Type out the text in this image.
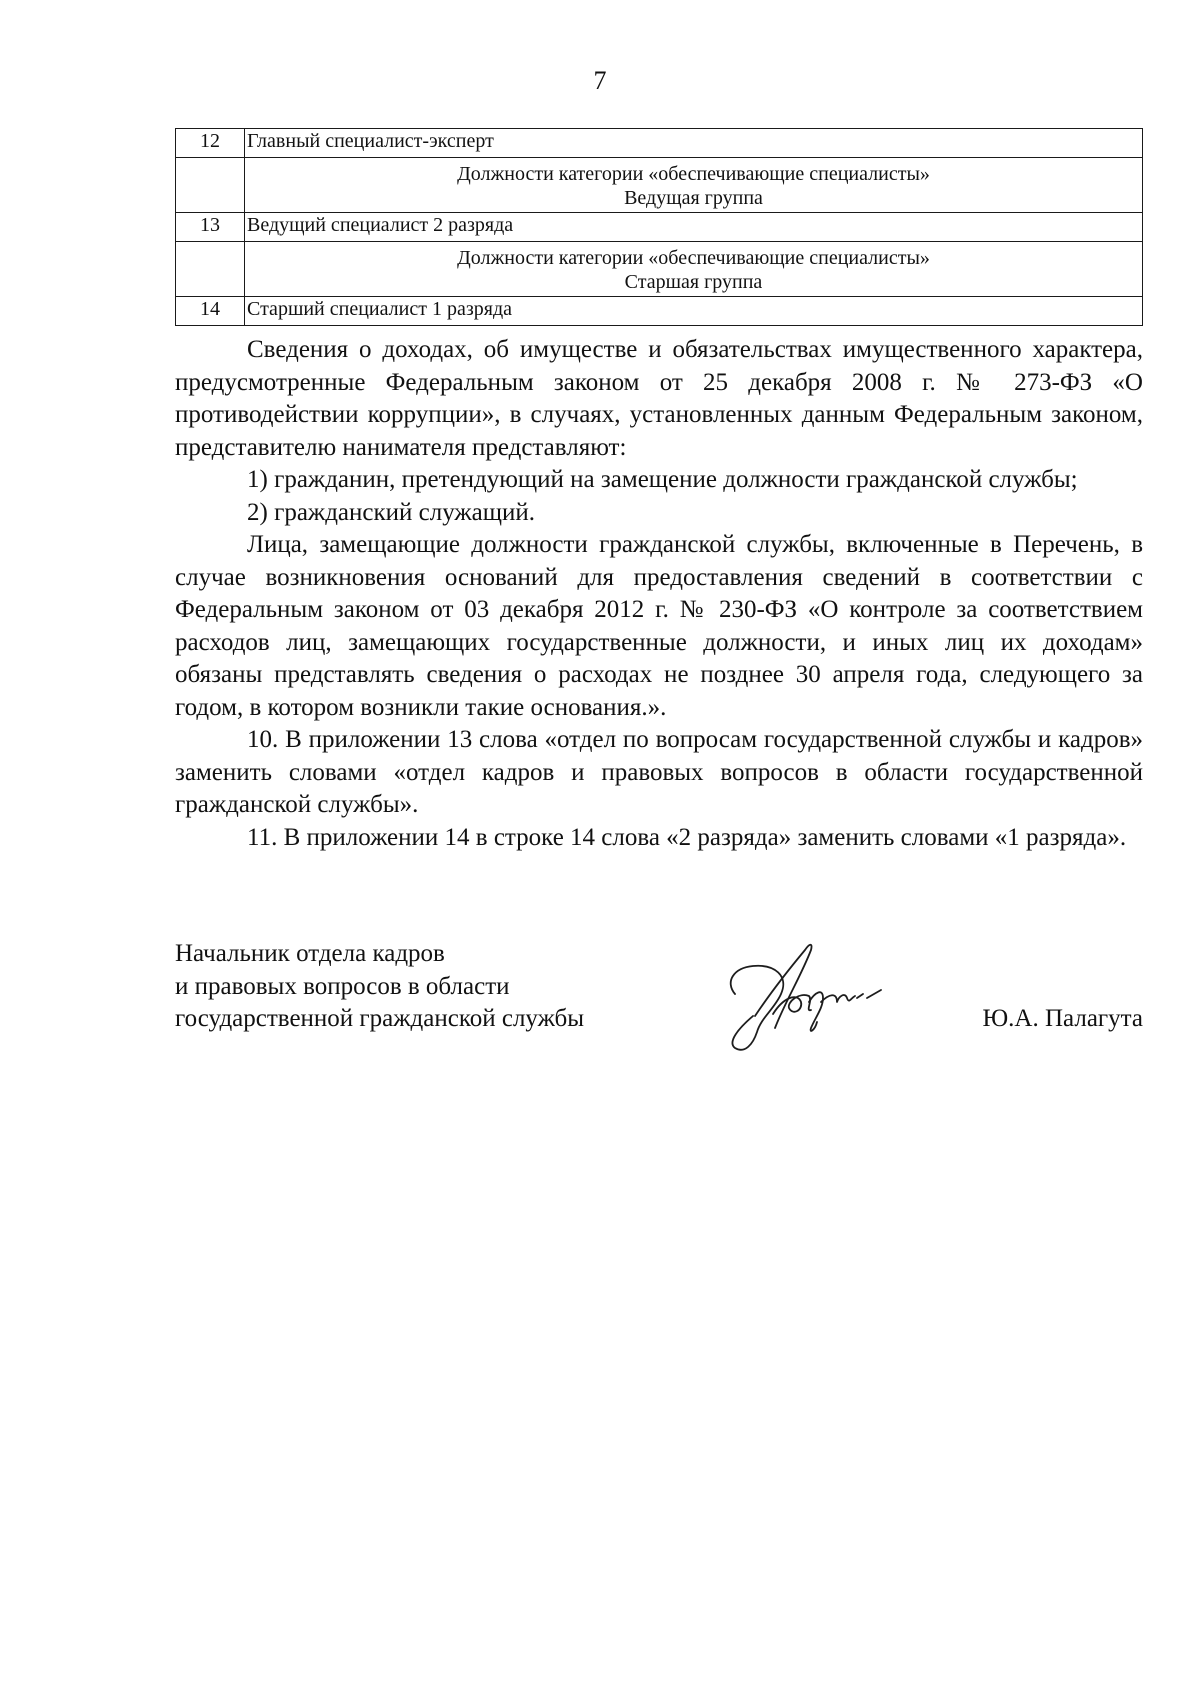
7
12	Главный специалист-эксперт

	Должности категории «обеспечивающие специалисты»
Ведущая группа

13	Ведущий специалист 2 разряда

	Должности категории «обеспечивающие специалисты»
Старшая группа

14	Старший специалист 1 разряда

Сведения о доходах, об имуществе и обязательствах имущественного характера, предусмотренные Федеральным законом от 25 декабря 2008 г. № 273-ФЗ «О противодействии коррупции», в случаях, установленных данным Федеральным законом, представителю нанимателя представляют:

1) гражданин, претендующий на замещение должности гражданской службы;

2) гражданский служащий.

Лица, замещающие должности гражданской службы, включенные в Перечень, в случае возникновения оснований для предоставления сведений в соответствии с Федеральным законом от 03 декабря 2012 г. № 230-ФЗ «О контроле за соответствием расходов лиц, замещающих государственные должности, и иных лиц их доходам» обязаны представлять сведения о расходах не позднее 30 апреля года, следующего за годом, в котором возникли такие основания.».

10. В приложении 13 слова «отдел по вопросам государственной службы и кадров» заменить словами «отдел кадров и правовых вопросов в области государственной гражданской службы».

11. В приложении 14 в строке 14 слова «2 разряда» заменить словами «1 разряда».

Начальник отдела кадров
и правовых вопросов в области
государственной гражданской службы	Ю.А. Палагута
